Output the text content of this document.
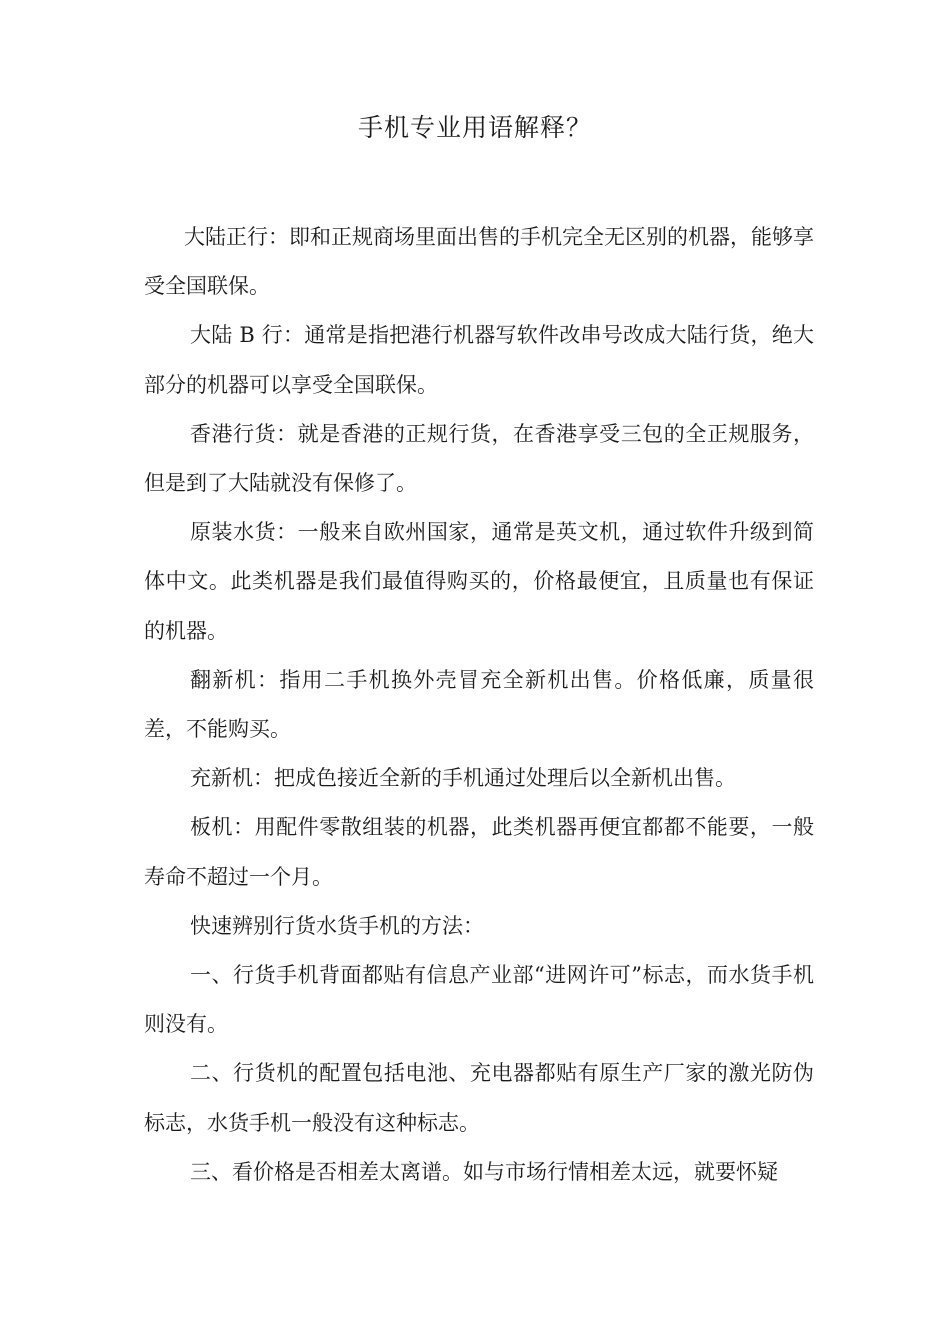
手机专业用语解释？

大陆正行：即和正规商场里面出售的手机完全无区别的机器，能够享受全国联保。

大陆 B 行：通常是指把港行机器写软件改串号改成大陆行货，绝大部分的机器可以享受全国联保。

香港行货：就是香港的正规行货，在香港享受三包的全正规服务，但是到了大陆就没有保修了。

原装水货：一般来自欧州国家，通常是英文机，通过软件升级到简体中文。此类机器是我们最值得购买的，价格最便宜，且质量也有保证的机器。

翻新机：指用二手机换外壳冒充全新机出售。价格低廉，质量很差，不能购买。

充新机：把成色接近全新的手机通过处理后以全新机出售。

板机：用配件零散组装的机器，此类机器再便宜都都不能要，一般寿命不超过一个月。

快速辨别行货水货手机的方法：

一、行货手机背面都贴有信息产业部“进网许可”标志，而水货手机则没有。

二、行货机的配置包括电池、充电器都贴有原生产厂家的激光防伪标志，水货手机一般没有这种标志。

三、看价格是否相差太离谱。如与市场行情相差太远，就要怀疑
